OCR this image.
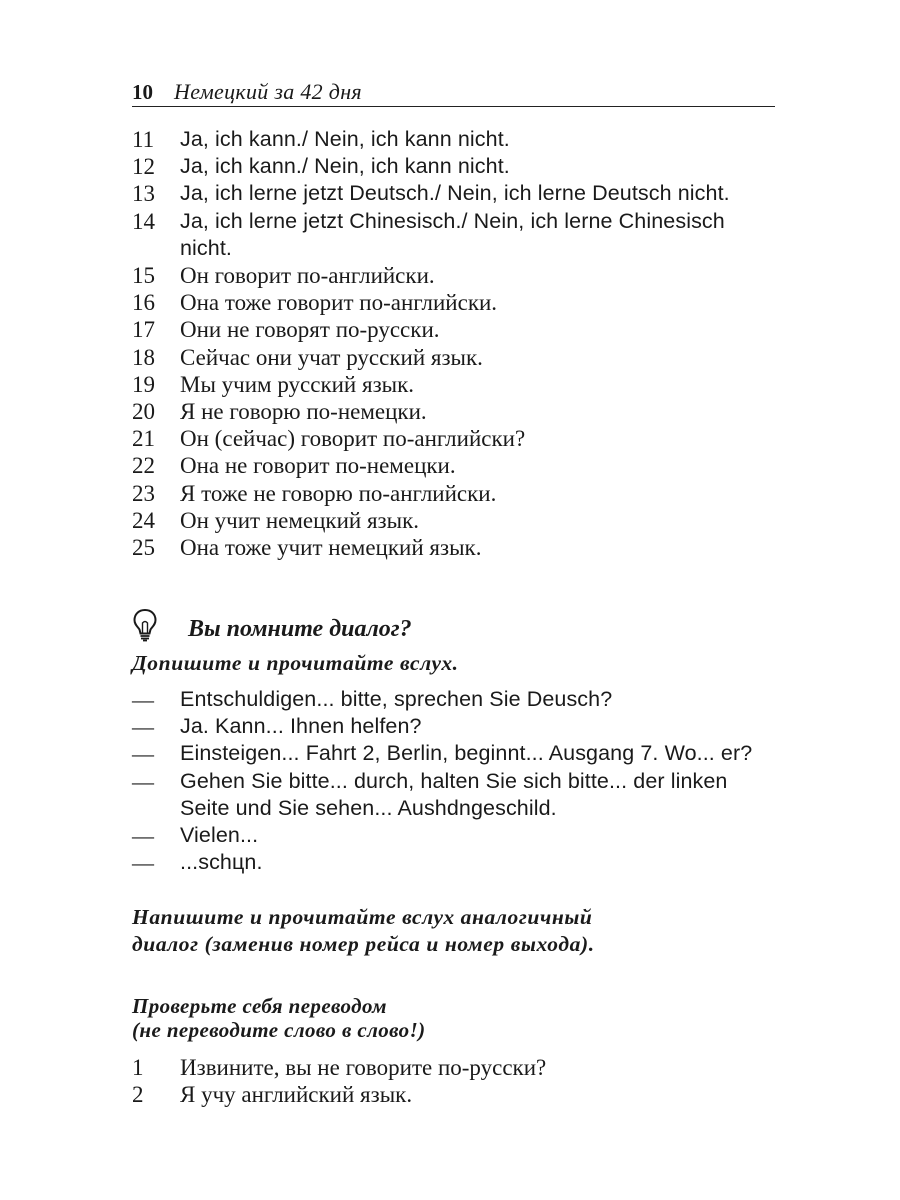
10 Немецкий за 42 дня
11	Ja, ich kann./ Nein, ich kann nicht.
12	Ja, ich kann./ Nein, ich kann nicht.
13	Ja, ich lerne jetzt Deutsch./ Nein, ich lerne Deutsch nicht.
14	Ja, ich lerne jetzt Chinesisch./ Nein, ich lerne Chinesisch nicht.
15	Он говорит по-английски.
16	Она тоже говорит по-английски.
17	Они не говорят по-русски.
18	Сейчас они учат русский язык.
19	Мы учим русский язык.
20	Я не говорю по-немецки.
21	Он (сейчас) говорит по-английски?
22	Она не говорит по-немецки.
23	Я тоже не говорю по-английски.
24	Он учит немецкий язык.
25	Она тоже учит немецкий язык.
Вы помните диалог?
Допишите и прочитайте вслух.
— Entschuldigen... bitte, sprechen Sie Deusch?
— Ja. Kann... Ihnen helfen?
— Einsteigen... Fahrt 2, Berlin, beginnt... Ausgang 7. Wo... er?
— Gehen Sie bitte... durch, halten Sie sich bitte... der linken Seite und Sie sehen... Aushdngeschild.
— Vielen...
— ...schцn.
Напишите и прочитайте вслух аналогичный
диалог (заменив номер рейса и номер выхода).
Проверьте себя переводом
(не переводите слово в слово!)
1	Извините, вы не говорите по-русски?
2	Я учу английский язык.
